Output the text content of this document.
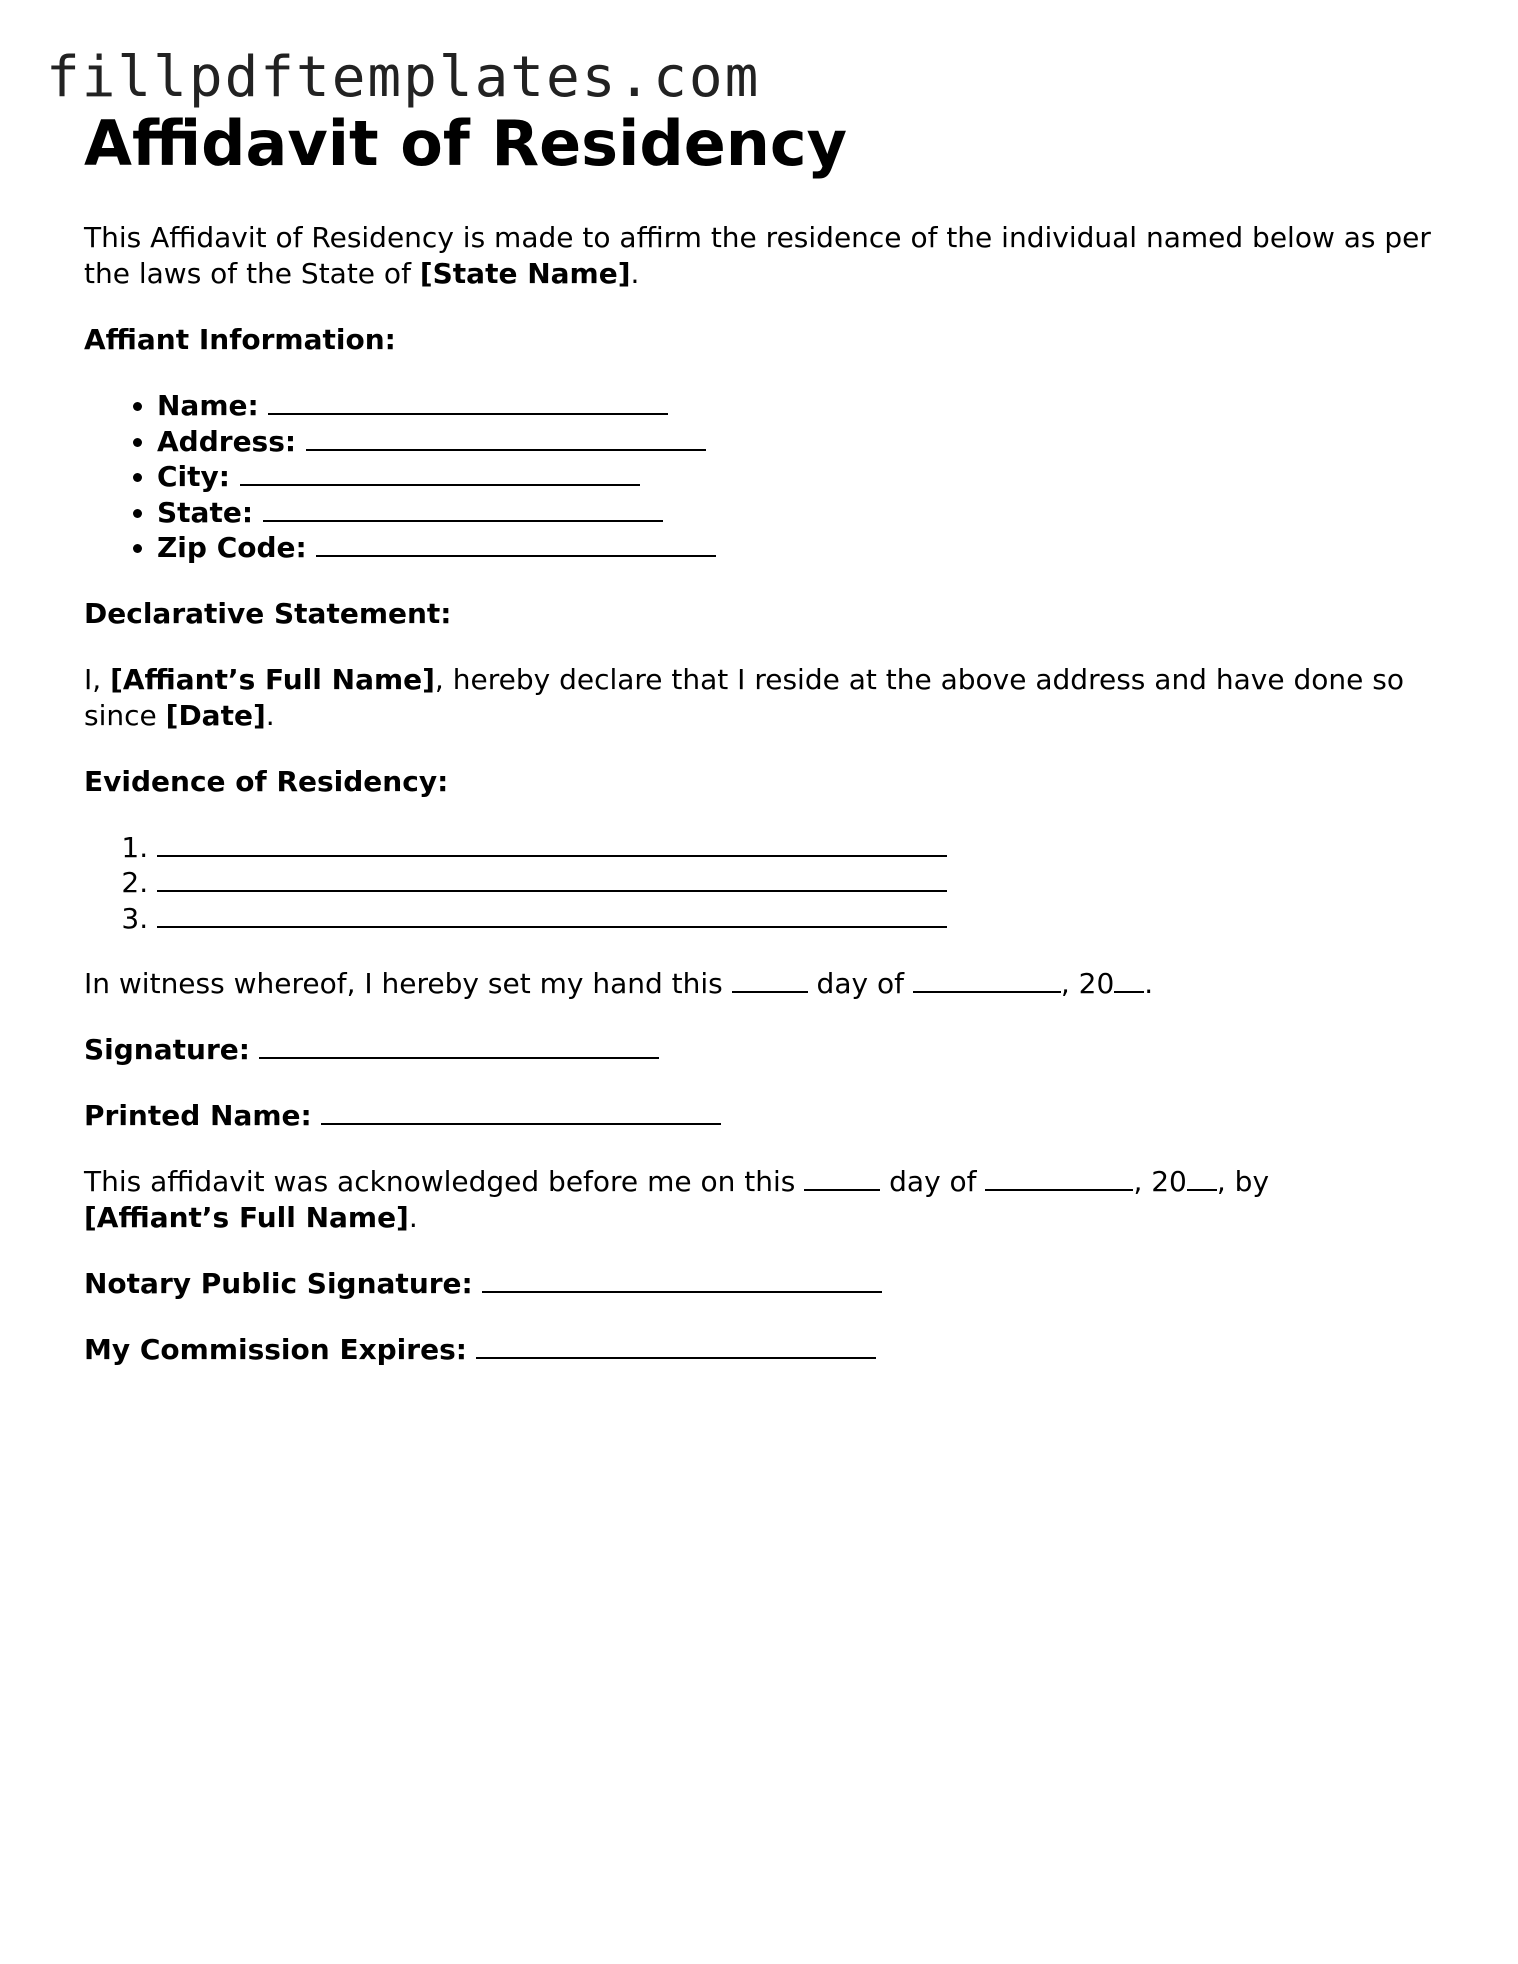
fillpdftemplates.com
Affidavit of Residency

This Affidavit of Residency is made to affirm the residence of the individual named below as per the laws of the State of [State Name].

Affiant Information:

• Name:
• Address:
• City:
• State:
• Zip Code:

Declarative Statement:

I, [Affiant’s Full Name], hereby declare that I reside at the above address and have done so since [Date].

Evidence of Residency:

1.
2.
3.

In witness whereof, I hereby set my hand this	day of	, 20 .

Signature:

Printed Name:

This affidavit was acknowledged before me on this	day of	, 20 , by
[Affiant’s Full Name].

Notary Public Signature:

My Commission Expires:
